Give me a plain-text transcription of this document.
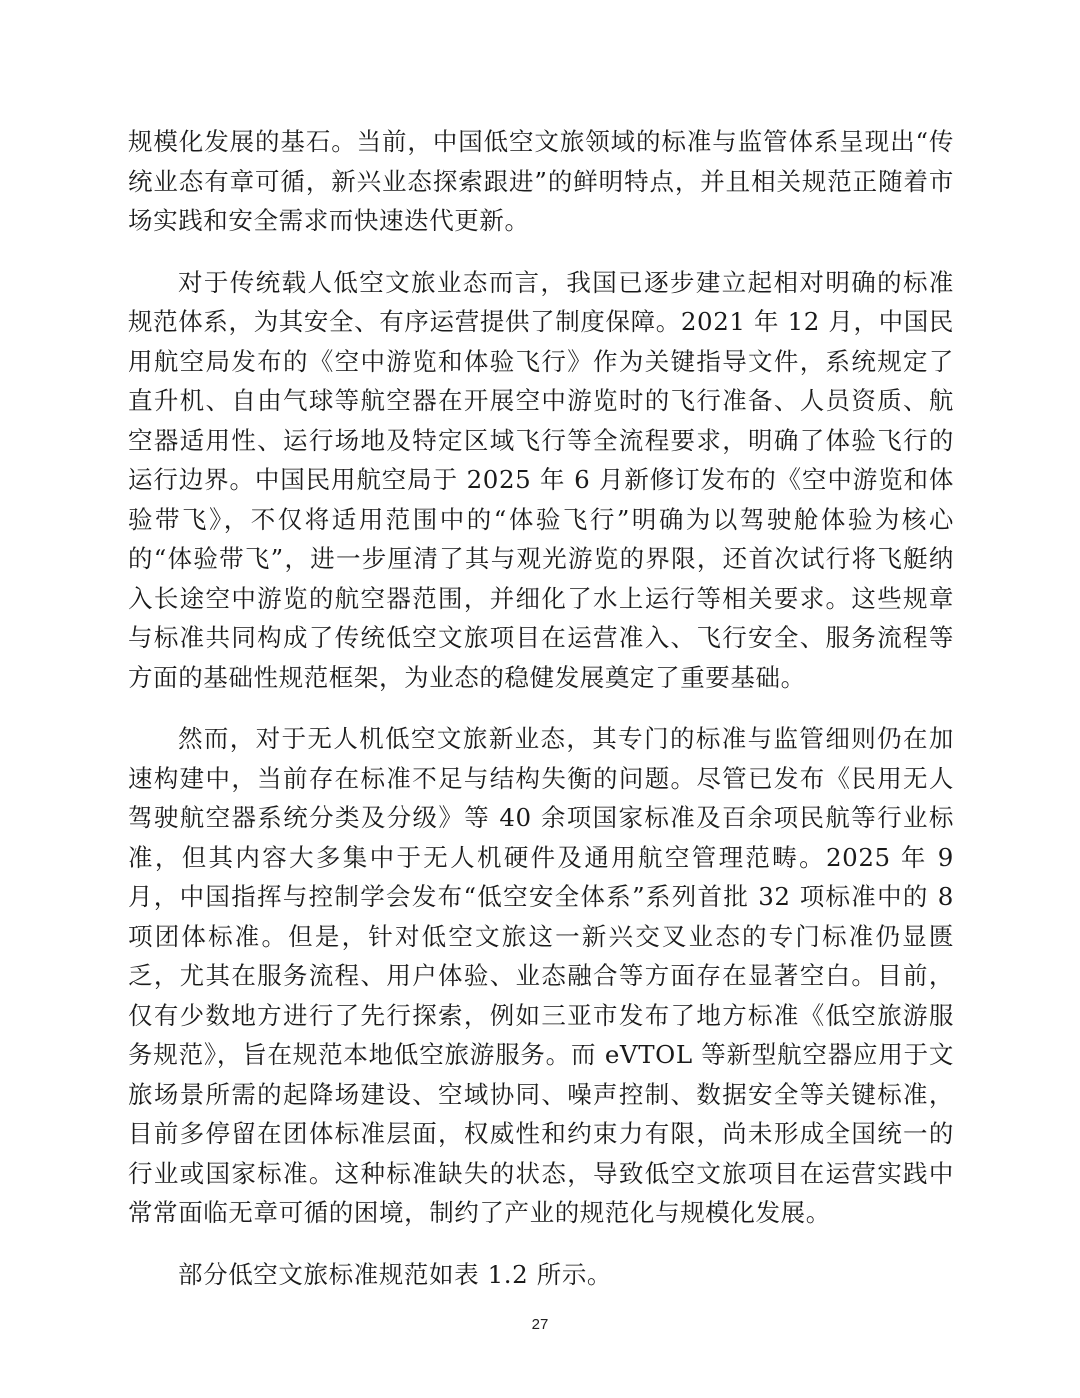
规模化发展的基石。当前，中国低空文旅领域的标准与监管体系呈现出“传统业态有章可循，新兴业态探索跟进”的鲜明特点，并且相关规范正随着市场实践和安全需求而快速迭代更新。

对于传统载人低空文旅业态而言，我国已逐步建立起相对明确的标准规范体系，为其安全、有序运营提供了制度保障。2021 年 12 月，中国民用航空局发布的《空中游览和体验飞行》作为关键指导文件，系统规定了直升机、自由气球等航空器在开展空中游览时的飞行准备、人员资质、航空器适用性、运行场地及特定区域飞行等全流程要求，明确了体验飞行的运行边界。中国民用航空局于 2025 年 6 月新修订发布的《空中游览和体验带飞》，不仅将适用范围中的“体验飞行”明确为以驾驶舱体验为核心的“体验带飞”，进一步厘清了其与观光游览的界限，还首次试行将飞艇纳入长途空中游览的航空器范围，并细化了水上运行等相关要求。这些规章与标准共同构成了传统低空文旅项目在运营准入、飞行安全、服务流程等方面的基础性规范框架，为业态的稳健发展奠定了重要基础。

然而，对于无人机低空文旅新业态，其专门的标准与监管细则仍在加速构建中，当前存在标准不足与结构失衡的问题。尽管已发布《民用无人驾驶航空器系统分类及分级》等 40 余项国家标准及百余项民航等行业标准，但其内容大多集中于无人机硬件及通用航空管理范畴。2025 年 9 月，中国指挥与控制学会发布“低空安全体系”系列首批 32 项标准中的 8 项团体标准。但是，针对低空文旅这一新兴交叉业态的专门标准仍显匮乏，尤其在服务流程、用户体验、业态融合等方面存在显著空白。目前，仅有少数地方进行了先行探索，例如三亚市发布了地方标准《低空旅游服务规范》，旨在规范本地低空旅游服务。而 eVTOL 等新型航空器应用于文旅场景所需的起降场建设、空域协同、噪声控制、数据安全等关键标准，目前多停留在团体标准层面，权威性和约束力有限，尚未形成全国统一的行业或国家标准。这种标准缺失的状态，导致低空文旅项目在运营实践中常常面临无章可循的困境，制约了产业的规范化与规模化发展。

部分低空文旅标准规范如表 1.2 所示。

27
